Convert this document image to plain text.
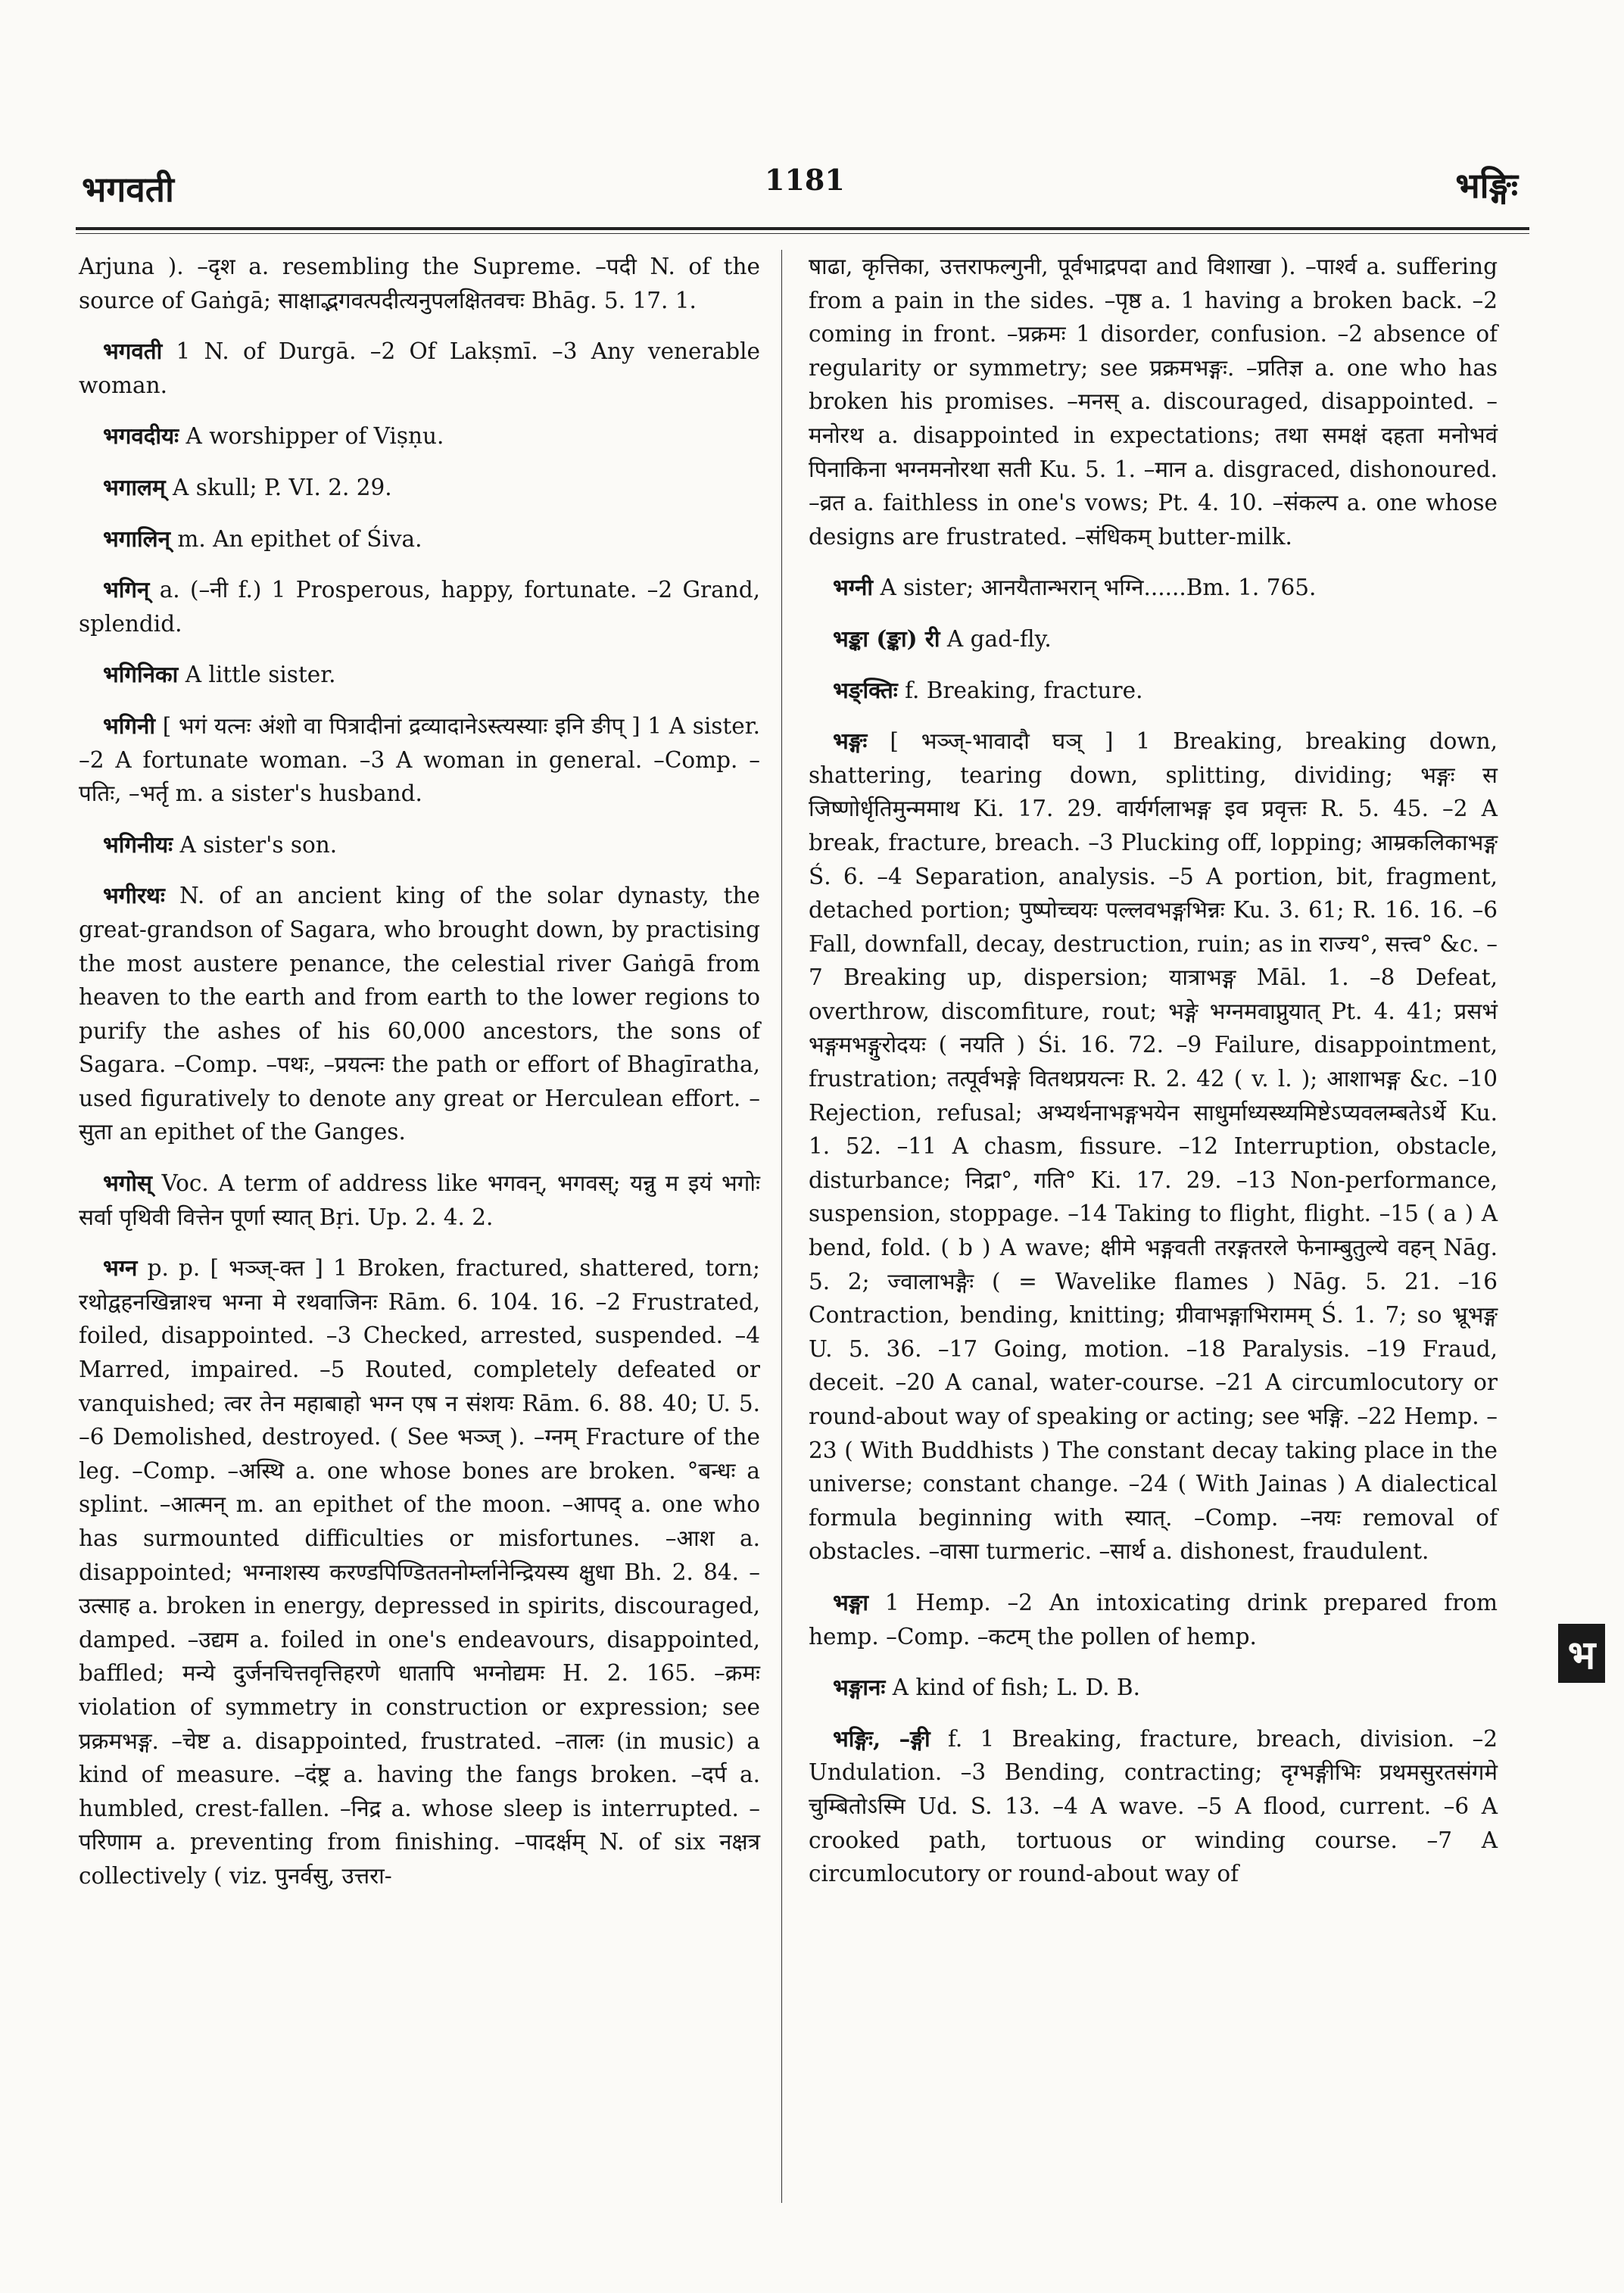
भगवती	1181	भङ्गिः

Arjuna ). –दृश a. resembling the Supreme. –पदी N. of the source of Gaṅgā; साक्षाद्भगवत्पदीत्यनुपलक्षितवचः Bhāg. 5. 17. 1.

भगवती 1 N. of Durgā. –2 Of Lakṣmī. –3 Any venerable woman.

भगवदीयः A worshipper of Viṣṇu.

भगालम् A skull; P. VI. 2. 29.

भगालिन् m. An epithet of Śiva.

भगिन् a. (–नी f.) 1 Prosperous, happy, fortunate. –2 Grand, splendid.

भगिनिका A little sister.

भगिनी [ भगं यत्नः अंशो वा पित्रादीनां द्रव्यादानेऽस्त्यस्याः इनि ङीप् ] 1 A sister. –2 A fortunate woman. –3 A woman in general. –Comp. –पतिः, –भर्तृ m. a sister's husband.

भगिनीयः A sister's son.

भगीरथः N. of an ancient king of the solar dynasty, the great-grandson of Sagara, who brought down, by practising the most austere penance, the celestial river Gaṅgā from heaven to the earth and from earth to the lower regions to purify the ashes of his 60,000 ancestors, the sons of Sagara. –Comp. –पथः, –प्रयत्नः the path or effort of Bhagīratha, used figuratively to denote any great or Herculean effort. –सुता an epithet of the Ganges.

भगोस् Voc. A term of address like भगवन्, भगवस्; यन्नु म इयं भगोः सर्वा पृथिवी वित्तेन पूर्णा स्यात् Bṛi. Up. 2. 4. 2.

भग्न p. p. [ भञ्ज्-क्त ] 1 Broken, fractured, shattered, torn; रथोद्वहनखिन्नाश्च भग्ना मे रथवाजिनः Rām. 6. 104. 16. –2 Frustrated, foiled, disappointed. –3 Checked, arrested, suspended. –4 Marred, impaired. –5 Routed, completely defeated or vanquished; त्वर तेन महाबाहो भग्न एष न संशयः Rām. 6. 88. 40; U. 5. –6 Demolished, destroyed. ( See भञ्ज् ). –ग्नम् Fracture of the leg. –Comp. –अस्थि a. one whose bones are broken. °बन्धः a splint. –आत्मन् m. an epithet of the moon. –आपद् a. one who has surmounted difficulties or misfortunes. –आश a. disappointed; भग्नाशस्य करण्डपिण्डिततनोर्म्लानेन्द्रियस्य क्षुधा Bh. 2. 84. –उत्साह a. broken in energy, depressed in spirits, discouraged, damped. –उद्यम a. foiled in one's endeavours, disappointed, baffled; मन्ये दुर्जनचित्तवृत्तिहरणे धातापि भग्नोद्यमः H. 2. 165. –क्रमः violation of symmetry in construction or expression; see प्रक्रमभङ्ग. –चेष्ट a. disappointed, frustrated. –तालः (in music) a kind of measure. –दंष्ट्र a. having the fangs broken. –दर्प a. humbled, crest-fallen. –निद्र a. whose sleep is interrupted. –परिणाम a. preventing from finishing. –पादर्क्षम् N. of six नक्षत्र collectively ( viz. पुनर्वसु, उत्तरा-

षाढा, कृत्तिका, उत्तराफल्गुनी, पूर्वभाद्रपदा and विशाखा ). –पार्श्व a. suffering from a pain in the sides. –पृष्ठ a. 1 having a broken back. –2 coming in front. –प्रक्रमः 1 disorder, confusion. –2 absence of regularity or symmetry; see प्रक्रमभङ्गः. –प्रतिज्ञ a. one who has broken his promises. –मनस् a. discouraged, disappointed. –मनोरथ a. disappointed in expectations; तथा समक्षं दहता मनोभवं पिनाकिना भग्नमनोरथा सती Ku. 5. 1. –मान a. disgraced, dishonoured. –व्रत a. faithless in one's vows; Pt. 4. 10. –संकल्प a. one whose designs are frustrated. –संधिकम् butter-milk.

भग्नी A sister; आनयैतान्भरान् भग्नि......Bm. 1. 765.

भङ्का (ङ्का) री A gad-fly.

भङ्क्तिः f. Breaking, fracture.

भङ्गः [ भञ्ज्-भावादौ घञ् ] 1 Breaking, breaking down, shattering, tearing down, splitting, dividing; भङ्गः स जिष्णोर्धृतिमुन्ममाथ Ki. 17. 29. वार्यर्गलाभङ्ग इव प्रवृत्तः R. 5. 45. –2 A break, fracture, breach. –3 Plucking off, lopping; आम्रकलिकाभङ्ग Ś. 6. –4 Separation, analysis. –5 A portion, bit, fragment, detached portion; पुष्पोच्चयः पल्लवभङ्गभिन्नः Ku. 3. 61; R. 16. 16. –6 Fall, downfall, decay, destruction, ruin; as in राज्य°, सत्त्व° &c. –7 Breaking up, dispersion; यात्राभङ्ग Māl. 1. –8 Defeat, overthrow, discomfiture, rout; भङ्गे भग्नमवाप्नुयात् Pt. 4. 41; प्रसभं भङ्गमभङ्गुरोदयः ( नयति ) Śi. 16. 72. –9 Failure, disappointment, frustration; तत्पूर्वभङ्गे वितथप्रयत्नः R. 2. 42 ( v. l. ); आशाभङ्ग &c. –10 Rejection, refusal; अभ्यर्थनाभङ्गभयेन साधुर्माध्यस्थ्यमिष्टेऽप्यवलम्बतेऽर्थे Ku. 1. 52. –11 A chasm, fissure. –12 Interruption, obstacle, disturbance; निद्रा°, गति° Ki. 17. 29. –13 Non-performance, suspension, stoppage. –14 Taking to flight, flight. –15 ( a ) A bend, fold. ( b ) A wave; क्षीमे भङ्गवती तरङ्गतरले फेनाम्बुतुल्ये वहन् Nāg. 5. 2; ज्वालाभङ्गैः ( = Wavelike flames ) Nāg. 5. 21. –16 Contraction, bending, knitting; ग्रीवाभङ्गाभिरामम् Ś. 1. 7; so भ्रूभङ्ग U. 5. 36. –17 Going, motion. –18 Paralysis. –19 Fraud, deceit. –20 A canal, water-course. –21 A circumlocutory or round-about way of speaking or acting; see भङ्गि. –22 Hemp. –23 ( With Buddhists ) The constant decay taking place in the universe; constant change. –24 ( With Jainas ) A dialectical formula beginning with स्यात्. –Comp. –नयः removal of obstacles. –वासा turmeric. –सार्थ a. dishonest, fraudulent.

भङ्गा 1 Hemp. –2 An intoxicating drink prepared from hemp. –Comp. –कटम् the pollen of hemp.

भङ्गानः A kind of fish; L. D. B.

भङ्गिः, –ङ्गी f. 1 Breaking, fracture, breach, division. –2 Undulation. –3 Bending, contracting; दृग्भङ्गीभिः प्रथमसुरतसंगमे चुम्बितोऽस्मि Ud. S. 13. –4 A wave. –5 A flood, current. –6 A crooked path, tortuous or winding course. –7 A circumlocutory or round-about way of

भ
